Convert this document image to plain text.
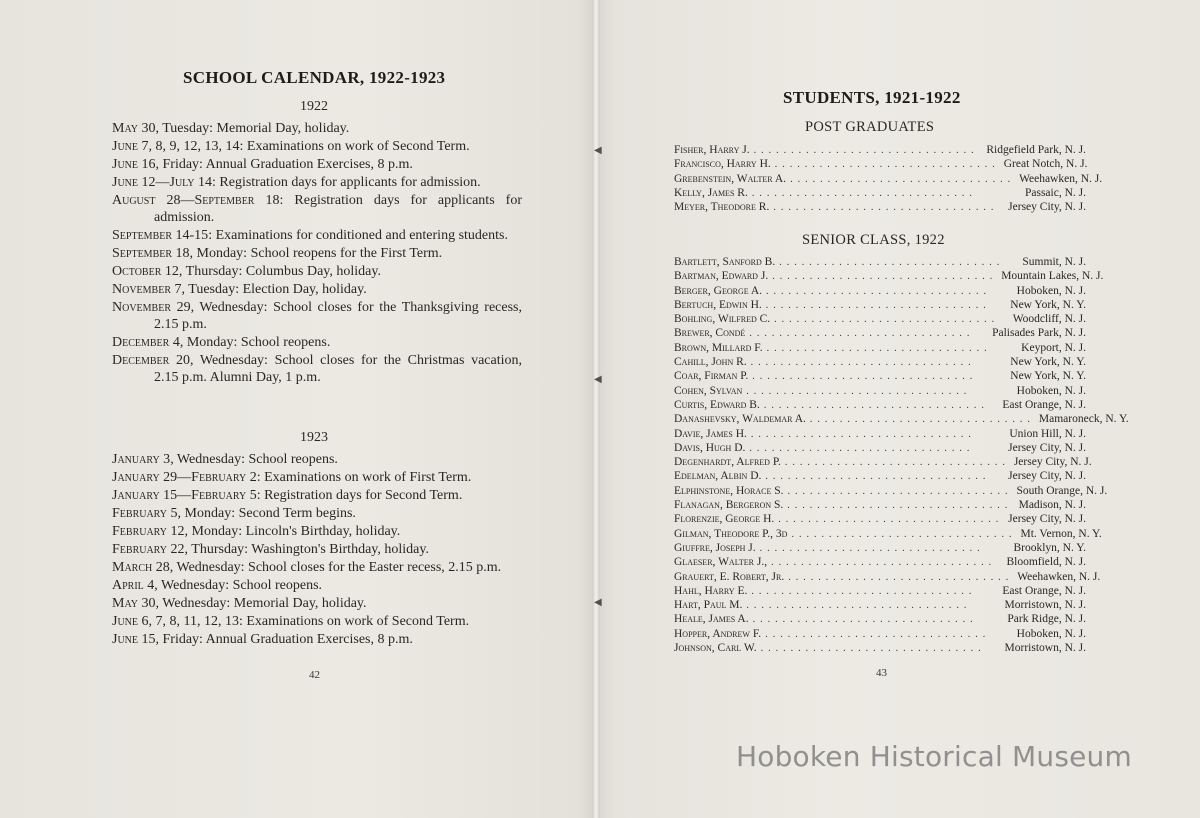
◀
◀
◀
SCHOOL CALENDAR, 1922-1923
1922
May 30, Tuesday: Memorial Day, holiday.
June 7, 8, 9, 12, 13, 14: Examinations on work of Second Term.
June 16, Friday: Annual Graduation Exercises, 8 p.m.
June 12—July 14: Registration days for applicants for admission.
August 28—September 18: Registration days for applicants for admission.
September 14-15: Examinations for conditioned and entering students.
September 18, Monday: School reopens for the First Term.
October 12, Thursday: Columbus Day, holiday.
November 7, Tuesday: Election Day, holiday.
November 29, Wednesday: School closes for the Thanksgiving recess, 2.15 p.m.
December 4, Monday: School reopens.
December 20, Wednesday: School closes for the Christmas vacation, 2.15 p.m. Alumni Day, 1 p.m.
1923
January 3, Wednesday: School reopens.
January 29—February 2: Examinations on work of First Term.
January 15—February 5: Registration days for Second Term.
February 5, Monday: Second Term begins.
February 12, Monday: Lincoln's Birthday, holiday.
February 22, Thursday: Washington's Birthday, holiday.
March 28, Wednesday: School closes for the Easter recess, 2.15 p.m.
April 4, Wednesday: School reopens.
May 30, Wednesday: Memorial Day, holiday.
June 6, 7, 8, 11, 12, 13: Examinations on work of Second Term.
June 15, Friday: Annual Graduation Exercises, 8 p.m.
42
STUDENTS, 1921-1922
POST GRADUATES
Fisher, Harry J. .............................. Ridgefield Park, N. J.
Francisco, Harry H. .............................. Great Notch, N. J.
Grebenstein, Walter A. .............................. Weehawken, N. J.
Kelly, James R. ..............................	Passaic, N. J.
Meyer, Theodore R. .............................. Jersey City, N. J.
SENIOR CLASS, 1922
Bartlett, Sanford B. ..............................	Summit, N. J.
Bartman, Edward J. .............................. Mountain Lakes, N. J.
Berger, George A. ..............................	Hoboken, N. J.
Bertuch, Edwin H. ..............................	New York, N. Y.
Bohling, Wilfred C. ..............................	Woodcliff, N. J.
Brewer, Condé ..............................	Palisades Park, N. J.
Brown, Millard F. ..............................	Keyport, N. J.
Cahill, John R. ..............................	New York, N. Y.
Coar, Firman P. ..............................	New York, N. Y.
Cohen, Sylvan ..............................	Hoboken, N. J.
Curtis, Edward B. ..............................	East Orange, N. J.
Danashevsky, Waldemar A. .............................. Mamaroneck, N. Y.
Davie, James H. ..............................	Union Hill, N. J.
Davis, Hugh D. ..............................	Jersey City, N. J.
Degenhardt, Alfred P. .............................. Jersey City, N. J.
Edelman, Albin D. ..............................	Jersey City, N. J.
Elphinstone, Horace S. .............................. South Orange, N. J.
Flanagan, Bergeron S. .............................. Madison, N. J.
Florenzie, George H. .............................. Jersey City, N. J.
Gilman, Theodore P., 3d .............................. Mt. Vernon, N. Y.
Giuffre, Joseph J. ..............................	Brooklyn, N. Y.
Glaeser, Walter J., .............................. Bloomfield, N. J.
Grauert, E. Robert, Jr. .............................. Weehawken, N. J.
Hahl, Harry E. ..............................	East Orange, N. J.
Hart, Paul M. ..............................	Morristown, N. J.
Heale, James A. ..............................	Park Ridge, N. J.
Hopper, Andrew F. ..............................	Hoboken, N. J.
Johnson, Carl W. ..............................	Morristown, N. J.
43
Hoboken Historical Museum
